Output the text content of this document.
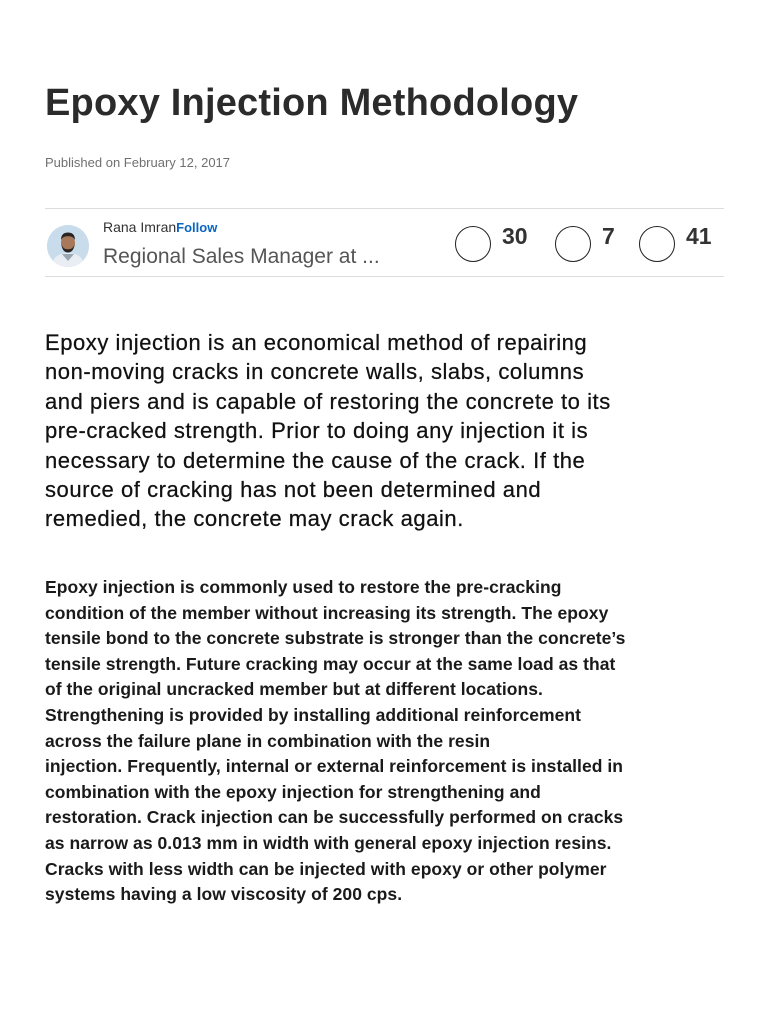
Epoxy Injection Methodology
Published on February 12, 2017
Rana ImranFollow
Regional Sales Manager at ...
30	7	41

Epoxy injection is an economical method of repairing
non-moving cracks in concrete walls, slabs, columns
and piers and is capable of restoring the concrete to its
pre-cracked strength. Prior to doing any injection it is
necessary to determine the cause of the crack. If the
source of cracking has not been determined and
remedied, the concrete may crack again.

Epoxy injection is commonly used to restore the pre-cracking
condition of the member without increasing its strength. The epoxy
tensile bond to the concrete substrate is stronger than the concrete’s
tensile strength. Future cracking may occur at the same load as that
of the original uncracked member but at different locations.
Strengthening is provided by installing additional reinforcement
across the failure plane in combination with the resin
injection. Frequently, internal or external reinforcement is installed in
combination with the epoxy injection for strengthening and
restoration. Crack injection can be successfully performed on cracks
as narrow as 0.013 mm in width with general epoxy injection resins.
Cracks with less width can be injected with epoxy or other polymer
systems having a low viscosity of 200 cps.
